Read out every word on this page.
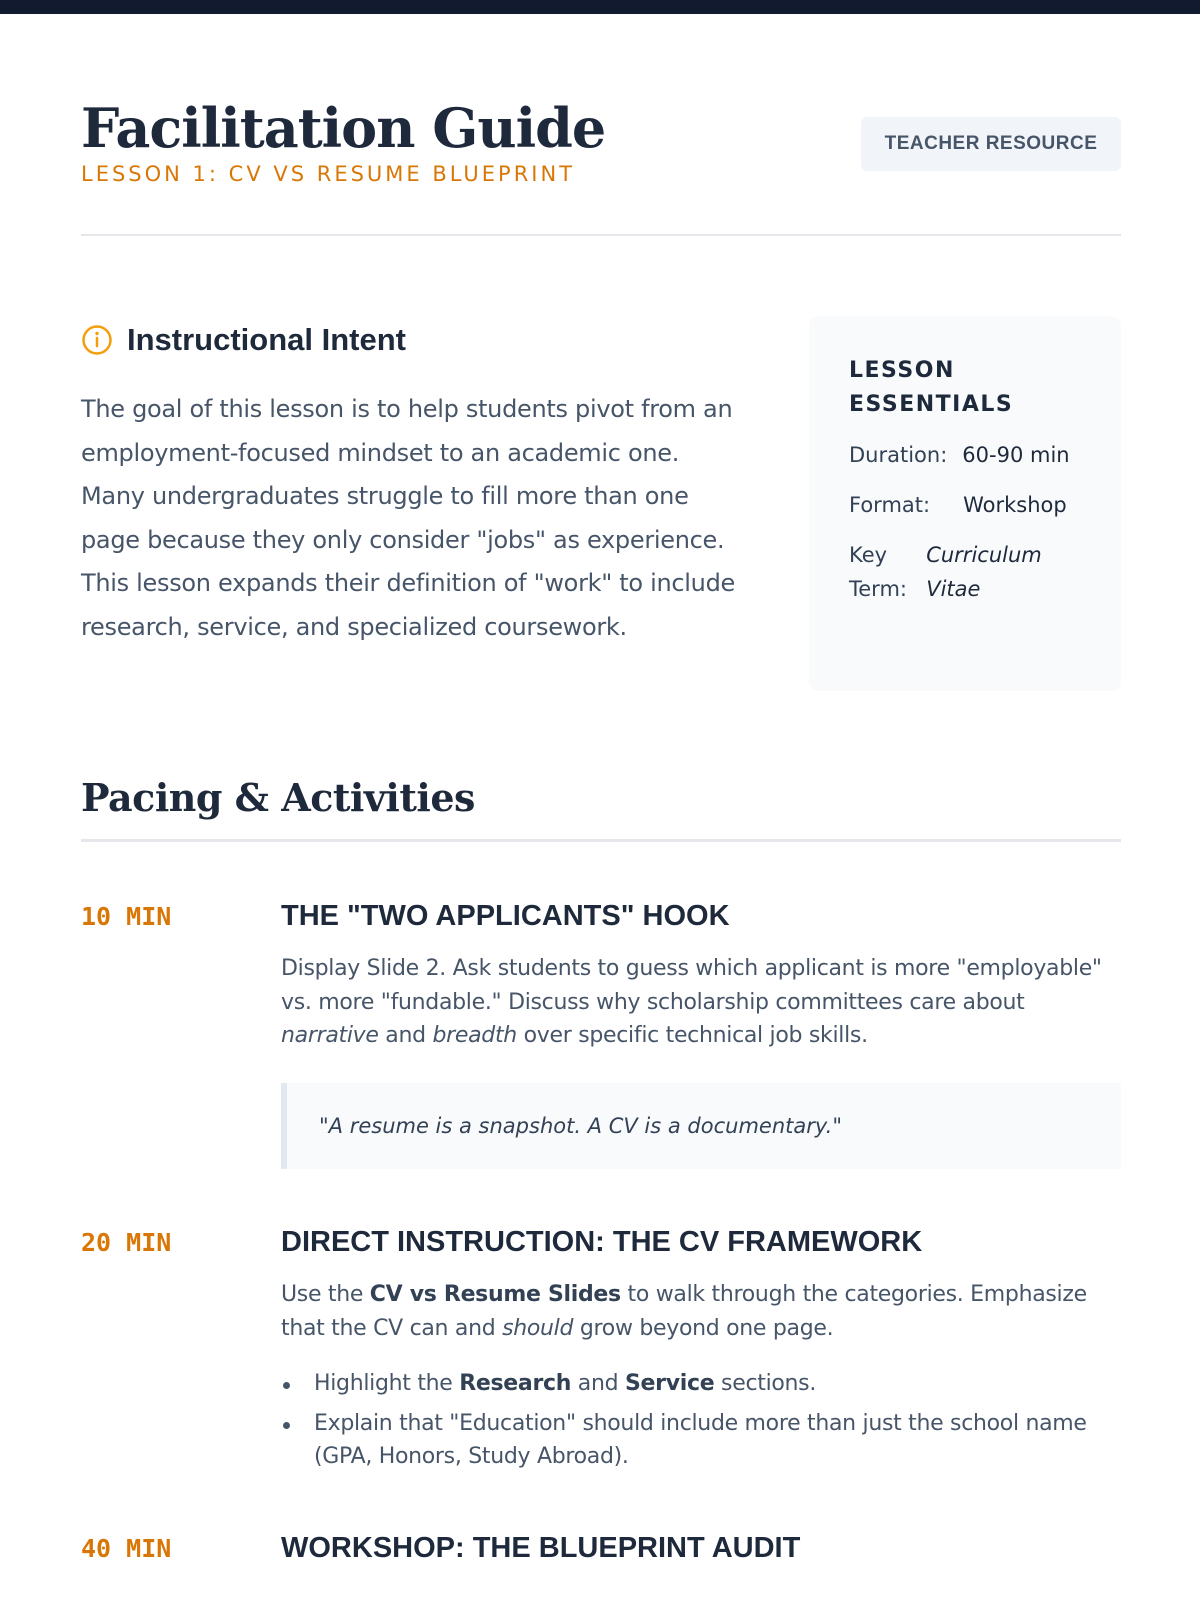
Facilitation Guide
LESSON 1: CV VS RESUME BLUEPRINT
TEACHER RESOURCE
Instructional Intent

The goal of this lesson is to help students pivot from an employment-focused mindset to an academic one. Many undergraduates struggle to fill more than one page because they only consider "jobs" as experience. This lesson expands their definition of "work" to include research, service, and specialized coursework.

LESSON ESSENTIALS
Duration: 60-90 min
Format: Workshop
Key Term:
Curriculum Vitae
Pacing & Activities
10 MIN	THE "TWO APPLICANTS" HOOK

Display Slide 2. Ask students to guess which applicant is more "employable" vs. more "fundable." Discuss why scholarship committees care about narrative and breadth over specific technical job skills.

"A resume is a snapshot. A CV is a documentary."
20 MIN	DIRECT INSTRUCTION: THE CV FRAMEWORK

Use the CV vs Resume Slides to walk through the categories. Emphasize that the CV can and should grow beyond one page.

Highlight the Research and Service sections.
Explain that "Education" should include more than just the school name (GPA, Honors, Study Abroad).
40 MIN	WORKSHOP: THE BLUEPRINT AUDIT
